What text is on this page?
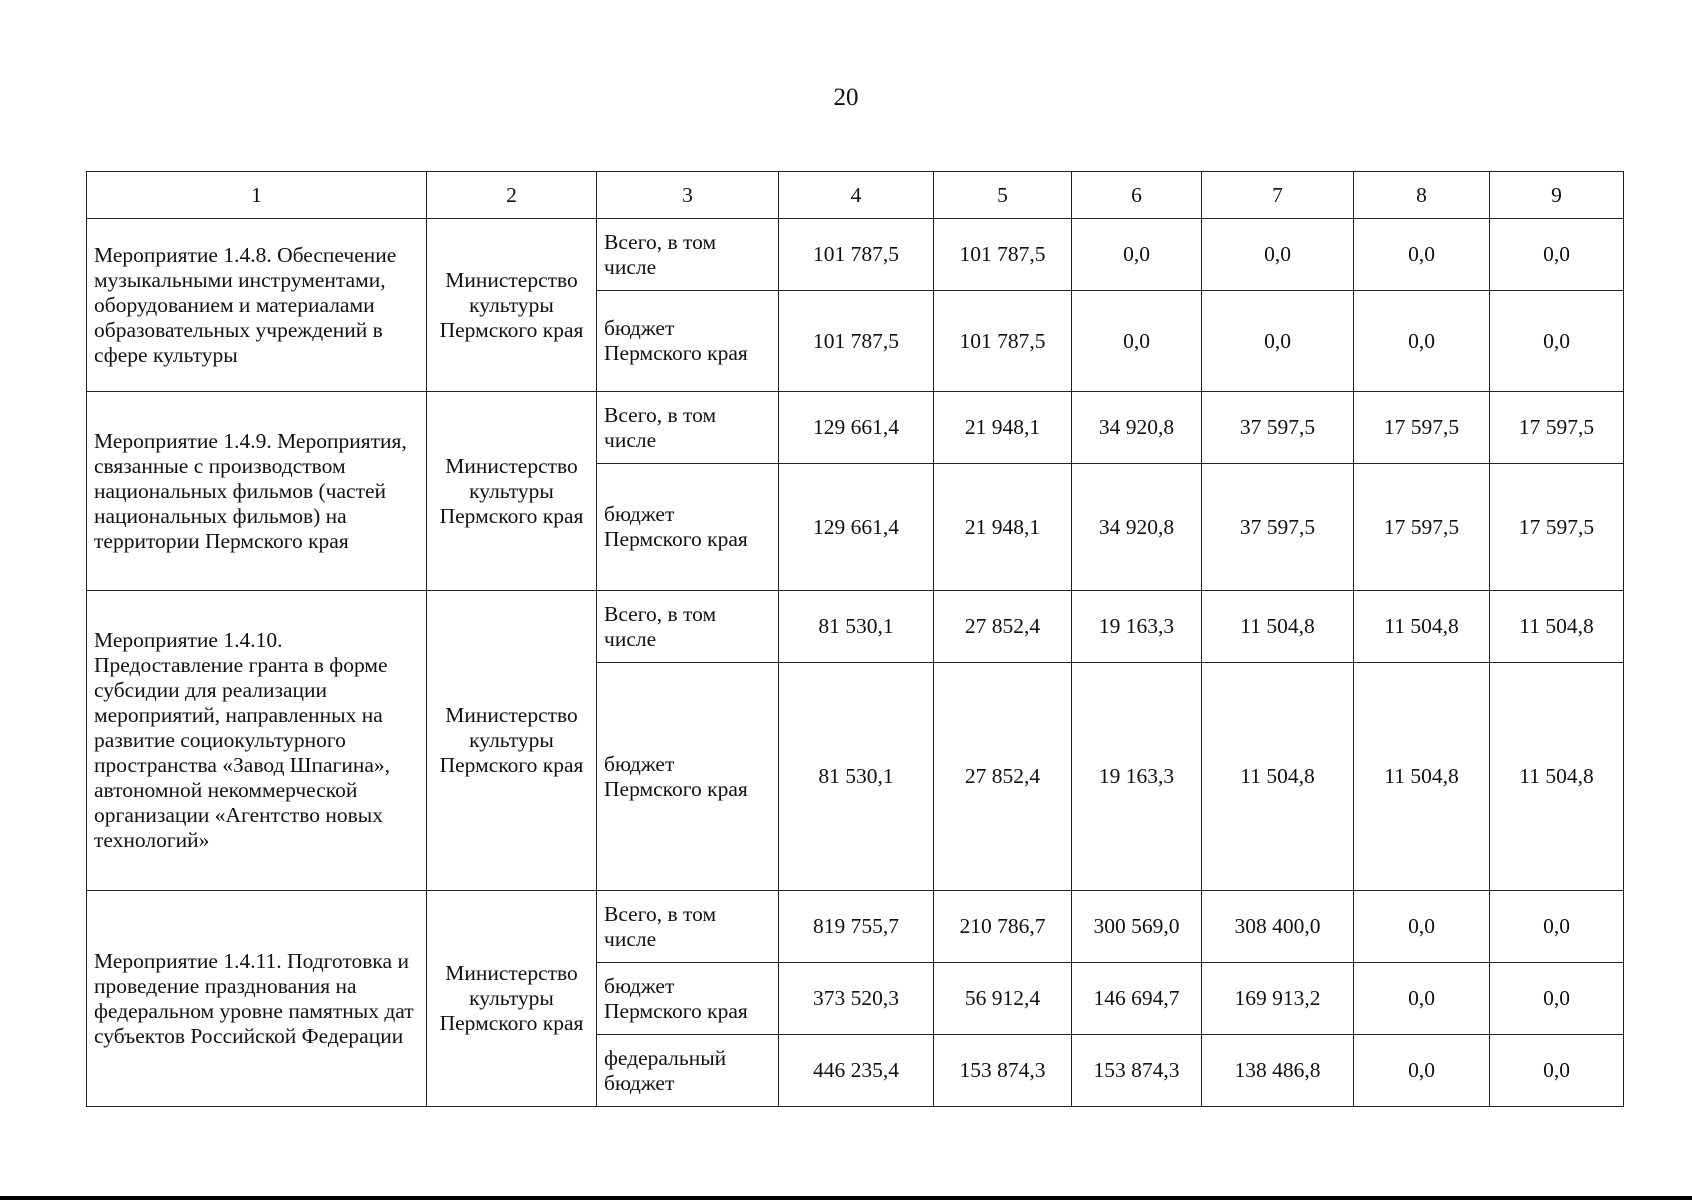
20
1	2	3	4	5	6	7	8	9
Мероприятие 1.4.8. Обеспечение музыкальными инструментами, оборудованием и материалами образовательных учреждений в сфере культуры	Министерство культуры Пермского края	Всего, в том числе	101 787,5	101 787,5	0,0	0,0	0,0	0,0
		бюджет Пермского края	101 787,5	101 787,5	0,0	0,0	0,0	0,0
Мероприятие 1.4.9. Мероприятия, связанные с производством национальных фильмов (частей национальных фильмов) на территории Пермского края	Министерство культуры Пермского края	Всего, в том числе	129 661,4	21 948,1	34 920,8	37 597,5	17 597,5	17 597,5
		бюджет Пермского края	129 661,4	21 948,1	34 920,8	37 597,5	17 597,5	17 597,5
Мероприятие 1.4.10. Предоставление гранта в форме субсидии для реализации мероприятий, направленных на развитие социокультурного пространства «Завод Шпагина», автономной некоммерческой организации «Агентство новых технологий»	Министерство культуры Пермского края	Всего, в том числе	81 530,1	27 852,4	19 163,3	11 504,8	11 504,8	11 504,8
		бюджет Пермского края	81 530,1	27 852,4	19 163,3	11 504,8	11 504,8	11 504,8
Мероприятие 1.4.11. Подготовка и проведение празднования на федеральном уровне памятных дат субъектов Российской Федерации	Министерство культуры Пермского края	Всего, в том числе	819 755,7	210 786,7	300 569,0	308 400,0	0,0	0,0
		бюджет Пермского края	373 520,3	56 912,4	146 694,7	169 913,2	0,0	0,0
		федеральный бюджет	446 235,4	153 874,3	153 874,3	138 486,8	0,0	0,0
